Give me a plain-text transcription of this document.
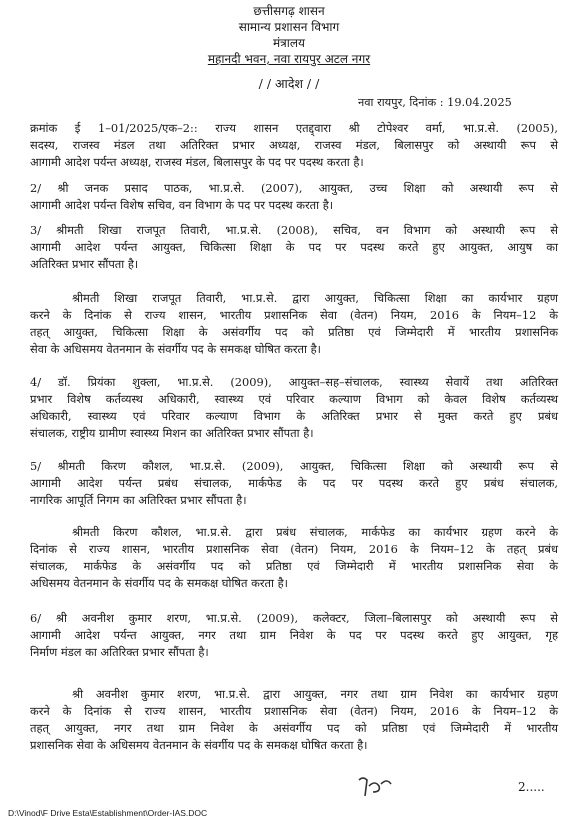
छत्तीसगढ़ शासन
सामान्य प्रशासन विभाग
मंत्रालय
महानदी भवन, नवा रायपुर अटल नगर
/ / आदेश / /
नवा रायपुर, दिनांक : 19.04.2025
क्रमांक ई 1–01/2025/एक–2:: राज्य शासन एतद्द्वारा श्री टोपेश्वर वर्मा, भा.प्र.से. (2005),
सदस्य, राजस्व मंडल तथा अतिरिक्त प्रभार अध्यक्ष, राजस्व मंडल, बिलासपुर को अस्थायी रूप से
आगामी आदेश पर्यन्त अध्यक्ष, राजस्व मंडल, बिलासपुर के पद पर पदस्थ करता है।
2/ श्री जनक प्रसाद पाठक, भा.प्र.से. (2007), आयुक्त, उच्च शिक्षा को अस्थायी रूप से
आगामी आदेश पर्यन्त विशेष सचिव, वन विभाग के पद पर पदस्थ करता है।
3/ श्रीमती शिखा राजपूत तिवारी, भा.प्र.से. (2008), सचिव, वन विभाग को अस्थायी रूप से
आगामी आदेश पर्यन्त आयुक्त, चिकित्सा शिक्षा के पद पर पदस्थ करते हुए आयुक्त, आयुष का
अतिरिक्त प्रभार सौंपता है।
श्रीमती शिखा राजपूत तिवारी, भा.प्र.से. द्वारा आयुक्त, चिकित्सा शिक्षा का कार्यभार ग्रहण
करने के दिनांक से राज्य शासन, भारतीय प्रशासनिक सेवा (वेतन) नियम, 2016 के नियम–12 के
तहत् आयुक्त, चिकित्सा शिक्षा के असंवर्गीय पद को प्रतिष्ठा एवं जिम्मेदारी में भारतीय प्रशासनिक
सेवा के अधिसमय वेतनमान के संवर्गीय पद के समकक्ष घोषित करता है।
4/ डॉ. प्रियंका शुक्ला, भा.प्र.से. (2009), आयुक्त–सह–संचालक, स्वास्थ्य सेवायें तथा अतिरिक्त
प्रभार विशेष कर्तव्यस्थ अधिकारी, स्वास्थ्य एवं परिवार कल्याण विभाग को केवल विशेष कर्तव्यस्थ
अधिकारी, स्वास्थ्य एवं परिवार कल्याण विभाग के अतिरिक्त प्रभार से मुक्त करते हुए प्रबंध
संचालक, राष्ट्रीय ग्रामीण स्वास्थ्य मिशन का अतिरिक्त प्रभार सौंपता है।
5/ श्रीमती किरण कौशल, भा.प्र.से. (2009), आयुक्त, चिकित्सा शिक्षा को अस्थायी रूप से
आगामी आदेश पर्यन्त प्रबंध संचालक, मार्कफेड के पद पर पदस्थ करते हुए प्रबंध संचालक,
नागरिक आपूर्ति निगम का अतिरिक्त प्रभार सौंपता है।
श्रीमती किरण कौशल, भा.प्र.से. द्वारा प्रबंध संचालक, मार्कफेड का कार्यभार ग्रहण करने के
दिनांक से राज्य शासन, भारतीय प्रशासनिक सेवा (वेतन) नियम, 2016 के नियम–12 के तहत् प्रबंध
संचालक, मार्कफेड के असंवर्गीय पद को प्रतिष्ठा एवं जिम्मेदारी में भारतीय प्रशासनिक सेवा के
अधिसमय वेतनमान के संवर्गीय पद के समकक्ष घोषित करता है।
6/ श्री अवनीश कुमार शरण, भा.प्र.से. (2009), कलेक्टर, जिला–बिलासपुर को अस्थायी रूप से
आगामी आदेश पर्यन्त आयुक्त, नगर तथा ग्राम निवेश के पद पर पदस्थ करते हुए आयुक्त, गृह
निर्माण मंडल का अतिरिक्त प्रभार सौंपता है।
श्री अवनीश कुमार शरण, भा.प्र.से. द्वारा आयुक्त, नगर तथा ग्राम निवेश का कार्यभार ग्रहण
करने के दिनांक से राज्य शासन, भारतीय प्रशासनिक सेवा (वेतन) नियम, 2016 के नियम–12 के
तहत् आयुक्त, नगर तथा ग्राम निवेश के असंवर्गीय पद को प्रतिष्ठा एवं जिम्मेदारी में भारतीय
प्रशासनिक सेवा के अधिसमय वेतनमान के संवर्गीय पद के समकक्ष घोषित करता है।
2.....
D:\Vinod\F Drive Esta\Establishment\Order-IAS.DOC
